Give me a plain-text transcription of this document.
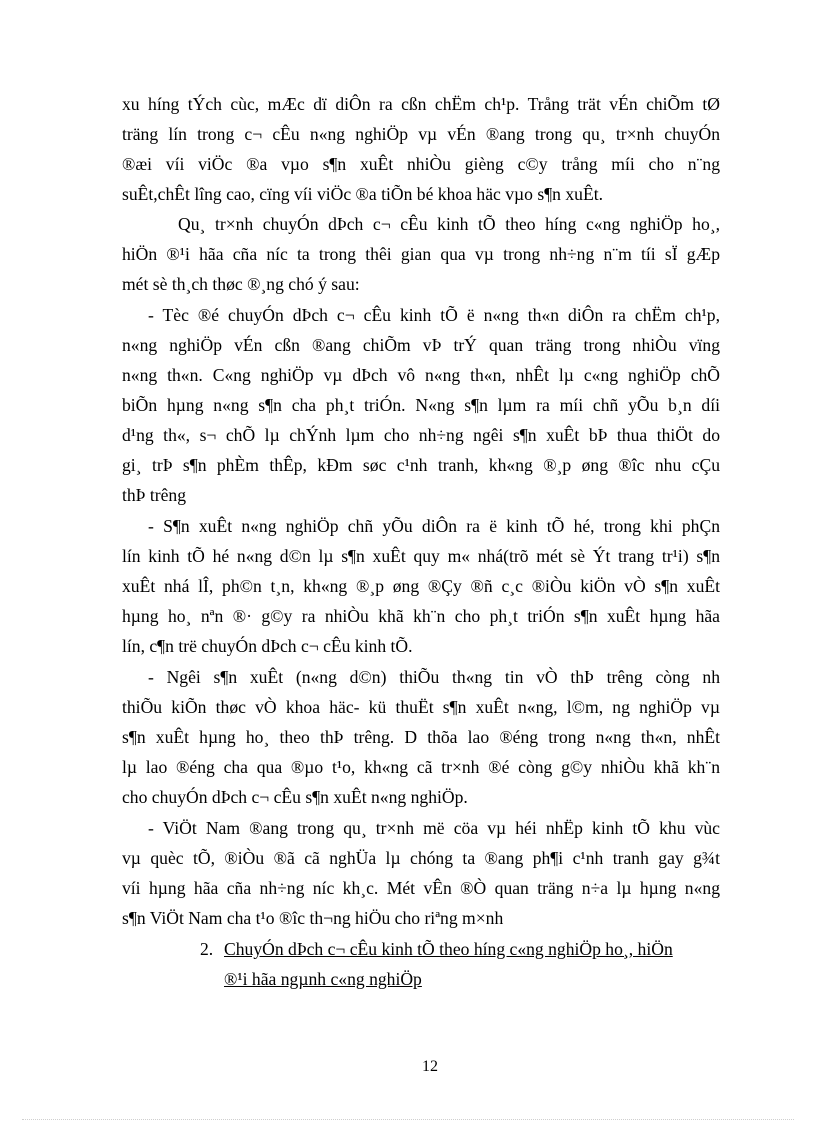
xu híng tÝch cùc, mÆc dï diÔn ra cßn chËm ch¹p. Trång trät vÉn chiÕm tØ
träng lín trong c¬ cÊu n«ng nghiÖp vµ vÉn ®ang trong qu¸ tr×nh chuyÓn
®æi víi viÖc ®a vµo s¶n xuÊt nhiÒu gièng c©y trång míi cho n¨ng
suÊt,chÊt lîng cao, cïng víi viÖc ®a tiÕn bé khoa häc vµo s¶n xuÊt.
Qu¸ tr×nh chuyÓn dÞch c¬ cÊu kinh tÕ theo híng c«ng nghiÖp ho¸,
hiÖn ®¹i hãa cña níc ta trong thêi gian qua vµ trong nh÷ng n¨m tíi sÏ gÆp
mét sè th¸ch thøc ®¸ng chó ý sau:
- Tèc ®é chuyÓn dÞch c¬ cÊu kinh tÕ ë n«ng th«n diÔn ra chËm ch¹p,
n«ng nghiÖp vÉn cßn ®ang chiÕm vÞ trÝ quan träng trong nhiÒu vïng
n«ng th«n. C«ng nghiÖp vµ dÞch vô n«ng th«n, nhÊt lµ c«ng nghiÖp chÕ
biÕn hµng n«ng s¶n cha ph¸t triÓn. N«ng s¶n lµm ra míi chñ yÕu b¸n díi
d¹ng th«, s¬ chÕ lµ chÝnh lµm cho nh÷ng ngêi s¶n xuÊt bÞ thua thiÖt do
gi¸ trÞ s¶n phÈm thÊp, kÐm søc c¹nh tranh, kh«ng ®¸p øng ®îc nhu cÇu
thÞ trêng
- S¶n xuÊt n«ng nghiÖp chñ yÕu diÔn ra ë kinh tÕ hé, trong khi phÇn
lín kinh tÕ hé n«ng d©n lµ s¶n xuÊt quy m« nhá(trõ mét sè Ýt trang tr¹i) s¶n
xuÊt nhá lÎ, ph©n t¸n, kh«ng ®¸p øng ®Çy ®ñ c¸c ®iÒu kiÖn vÒ s¶n xuÊt
hµng ho¸ nªn ®· g©y ra nhiÒu khã kh¨n cho ph¸t triÓn s¶n xuÊt hµng hãa
lín, c¶n trë chuyÓn dÞch c¬ cÊu kinh tÕ.
- Ngêi s¶n xuÊt (n«ng d©n) thiÕu th«ng tin vÒ thÞ trêng còng nh
thiÕu kiÕn thøc vÒ khoa häc- kü thuËt s¶n xuÊt n«ng, l©m, ng nghiÖp vµ
s¶n xuÊt hµng ho¸ theo thÞ trêng. D thõa lao ®éng trong n«ng th«n, nhÊt
lµ lao ®éng cha qua ®µo t¹o, kh«ng cã tr×nh ®é còng g©y nhiÒu khã kh¨n
cho chuyÓn dÞch c¬ cÊu s¶n xuÊt n«ng nghiÖp.
- ViÖt Nam ®ang trong qu¸ tr×nh më cöa vµ héi nhËp kinh tÕ khu vùc
vµ quèc tÕ, ®iÒu ®ã cã nghÜa lµ chóng ta ®ang ph¶i c¹nh tranh gay g¾t
víi hµng hãa cña nh÷ng níc kh¸c. Mét vÊn ®Ò quan träng n÷a lµ hµng n«ng
s¶n ViÖt Nam cha t¹o ®îc th¬ng hiÖu cho riªng m×nh
2. ChuyÓn dÞch c¬ cÊu kinh tÕ theo híng c«ng nghiÖp ho¸, hiÖn
®¹i hãa ngµnh c«ng nghiÖp
12
